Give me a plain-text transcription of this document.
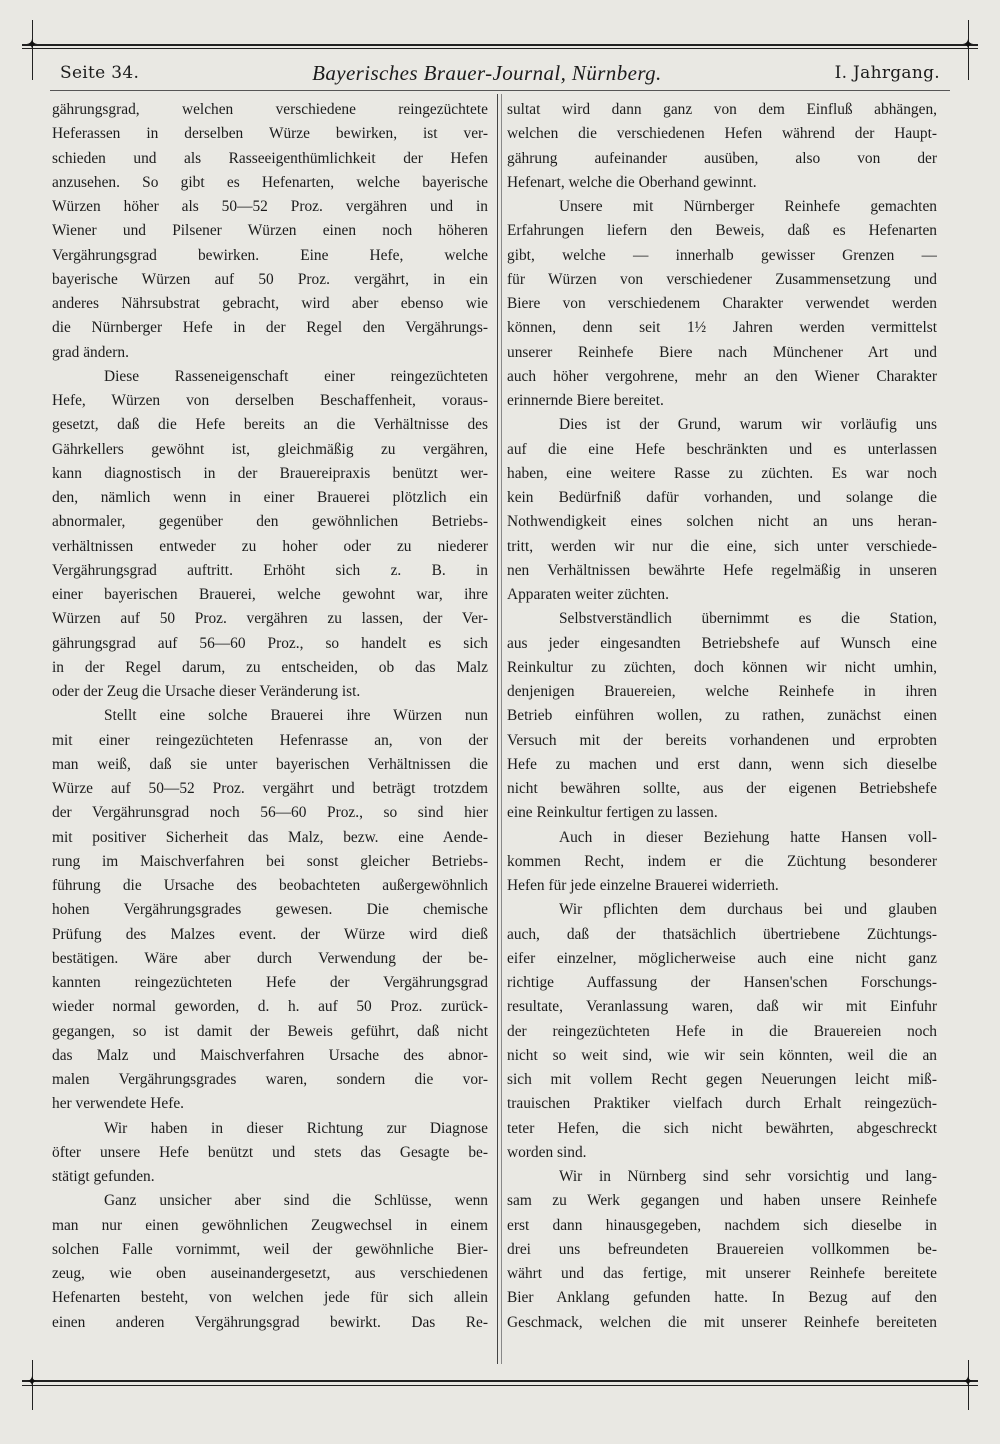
✦	✦
✦	✦
Seite 34.	Bayerisches Brauer-Journal, Nürnberg.	I. Jahrgang.
gährungsgrad, welchen verschiedene reingezüchtete
Heferassen in derselben Würze bewirken, ist ver-
schieden und als Rasseeigenthümlichkeit der Hefen
anzusehen. So gibt es Hefenarten, welche bayerische
Würzen höher als 50—52 Proz. vergähren und in
Wiener und Pilsener Würzen einen noch höheren
Vergährungsgrad bewirken. Eine Hefe, welche
bayerische Würzen auf 50 Proz. vergährt, in ein
anderes Nährsubstrat gebracht, wird aber ebenso wie
die Nürnberger Hefe in der Regel den Vergährungs-
grad ändern.
Diese Rasseneigenschaft einer reingezüchteten
Hefe, Würzen von derselben Beschaffenheit, voraus-
gesetzt, daß die Hefe bereits an die Verhältnisse des
Gährkellers gewöhnt ist, gleichmäßig zu vergähren,
kann diagnostisch in der Brauereipraxis benützt wer-
den, nämlich wenn in einer Brauerei plötzlich ein
abnormaler, gegenüber den gewöhnlichen Betriebs-
verhältnissen entweder zu hoher oder zu niederer
Vergährungsgrad auftritt. Erhöht sich z. B. in
einer bayerischen Brauerei, welche gewohnt war, ihre
Würzen auf 50 Proz. vergähren zu lassen, der Ver-
gährungsgrad auf 56—60 Proz., so handelt es sich
in der Regel darum, zu entscheiden, ob das Malz
oder der Zeug die Ursache dieser Veränderung ist.
Stellt eine solche Brauerei ihre Würzen nun
mit einer reingezüchteten Hefenrasse an, von der
man weiß, daß sie unter bayerischen Verhältnissen die
Würze auf 50—52 Proz. vergährt und beträgt trotzdem
der Vergährunsgrad noch 56—60 Proz., so sind hier
mit positiver Sicherheit das Malz, bezw. eine Aende-
rung im Maischverfahren bei sonst gleicher Betriebs-
führung die Ursache des beobachteten außergewöhnlich
hohen Vergährungsgrades gewesen. Die chemische
Prüfung des Malzes event. der Würze wird dieß
bestätigen. Wäre aber durch Verwendung der be-
kannten reingezüchteten Hefe der Vergährungsgrad
wieder normal geworden, d. h. auf 50 Proz. zurück-
gegangen, so ist damit der Beweis geführt, daß nicht
das Malz und Maischverfahren Ursache des abnor-
malen Vergährungsgrades waren, sondern die vor-
her verwendete Hefe.
Wir haben in dieser Richtung zur Diagnose
öfter unsere Hefe benützt und stets das Gesagte be-
stätigt gefunden.
Ganz unsicher aber sind die Schlüsse, wenn
man nur einen gewöhnlichen Zeugwechsel in einem
solchen Falle vornimmt, weil der gewöhnliche Bier-
zeug, wie oben auseinandergesetzt, aus verschiedenen
Hefenarten besteht, von welchen jede für sich allein
einen anderen Vergährungsgrad bewirkt. Das Re-
sultat wird dann ganz von dem Einfluß abhängen,
welchen die verschiedenen Hefen während der Haupt-
gährung aufeinander ausüben, also von der
Hefenart, welche die Oberhand gewinnt.
Unsere mit Nürnberger Reinhefe gemachten
Erfahrungen liefern den Beweis, daß es Hefenarten
gibt, welche — innerhalb gewisser Grenzen —
für Würzen von verschiedener Zusammensetzung und
Biere von verschiedenem Charakter verwendet werden
können, denn seit 1½ Jahren werden vermittelst
unserer Reinhefe Biere nach Münchener Art und
auch höher vergohrene, mehr an den Wiener Charakter
erinnernde Biere bereitet.
Dies ist der Grund, warum wir vorläufig uns
auf die eine Hefe beschränkten und es unterlassen
haben, eine weitere Rasse zu züchten. Es war noch
kein Bedürfniß dafür vorhanden, und solange die
Nothwendigkeit eines solchen nicht an uns heran-
tritt, werden wir nur die eine, sich unter verschiede-
nen Verhältnissen bewährte Hefe regelmäßig in unseren
Apparaten weiter züchten.
Selbstverständlich übernimmt es die Station,
aus jeder eingesandten Betriebshefe auf Wunsch eine
Reinkultur zu züchten, doch können wir nicht umhin,
denjenigen Brauereien, welche Reinhefe in ihren
Betrieb einführen wollen, zu rathen, zunächst einen
Versuch mit der bereits vorhandenen und erprobten
Hefe zu machen und erst dann, wenn sich dieselbe
nicht bewähren sollte, aus der eigenen Betriebshefe
eine Reinkultur fertigen zu lassen.
Auch in dieser Beziehung hatte Hansen voll-
kommen Recht, indem er die Züchtung besonderer
Hefen für jede einzelne Brauerei widerrieth.
Wir pflichten dem durchaus bei und glauben
auch, daß der thatsächlich übertriebene Züchtungs-
eifer einzelner, möglicherweise auch eine nicht ganz
richtige Auffassung der Hansen'schen Forschungs-
resultate, Veranlassung waren, daß wir mit Einfuhr
der reingezüchteten Hefe in die Brauereien noch
nicht so weit sind, wie wir sein könnten, weil die an
sich mit vollem Recht gegen Neuerungen leicht miß-
trauischen Praktiker vielfach durch Erhalt reingezüch-
teter Hefen, die sich nicht bewährten, abgeschreckt
worden sind.
Wir in Nürnberg sind sehr vorsichtig und lang-
sam zu Werk gegangen und haben unsere Reinhefe
erst dann hinausgegeben, nachdem sich dieselbe in
drei uns befreundeten Brauereien vollkommen be-
währt und das fertige, mit unserer Reinhefe bereitete
Bier Anklang gefunden hatte. In Bezug auf den
Geschmack, welchen die mit unserer Reinhefe bereiteten
